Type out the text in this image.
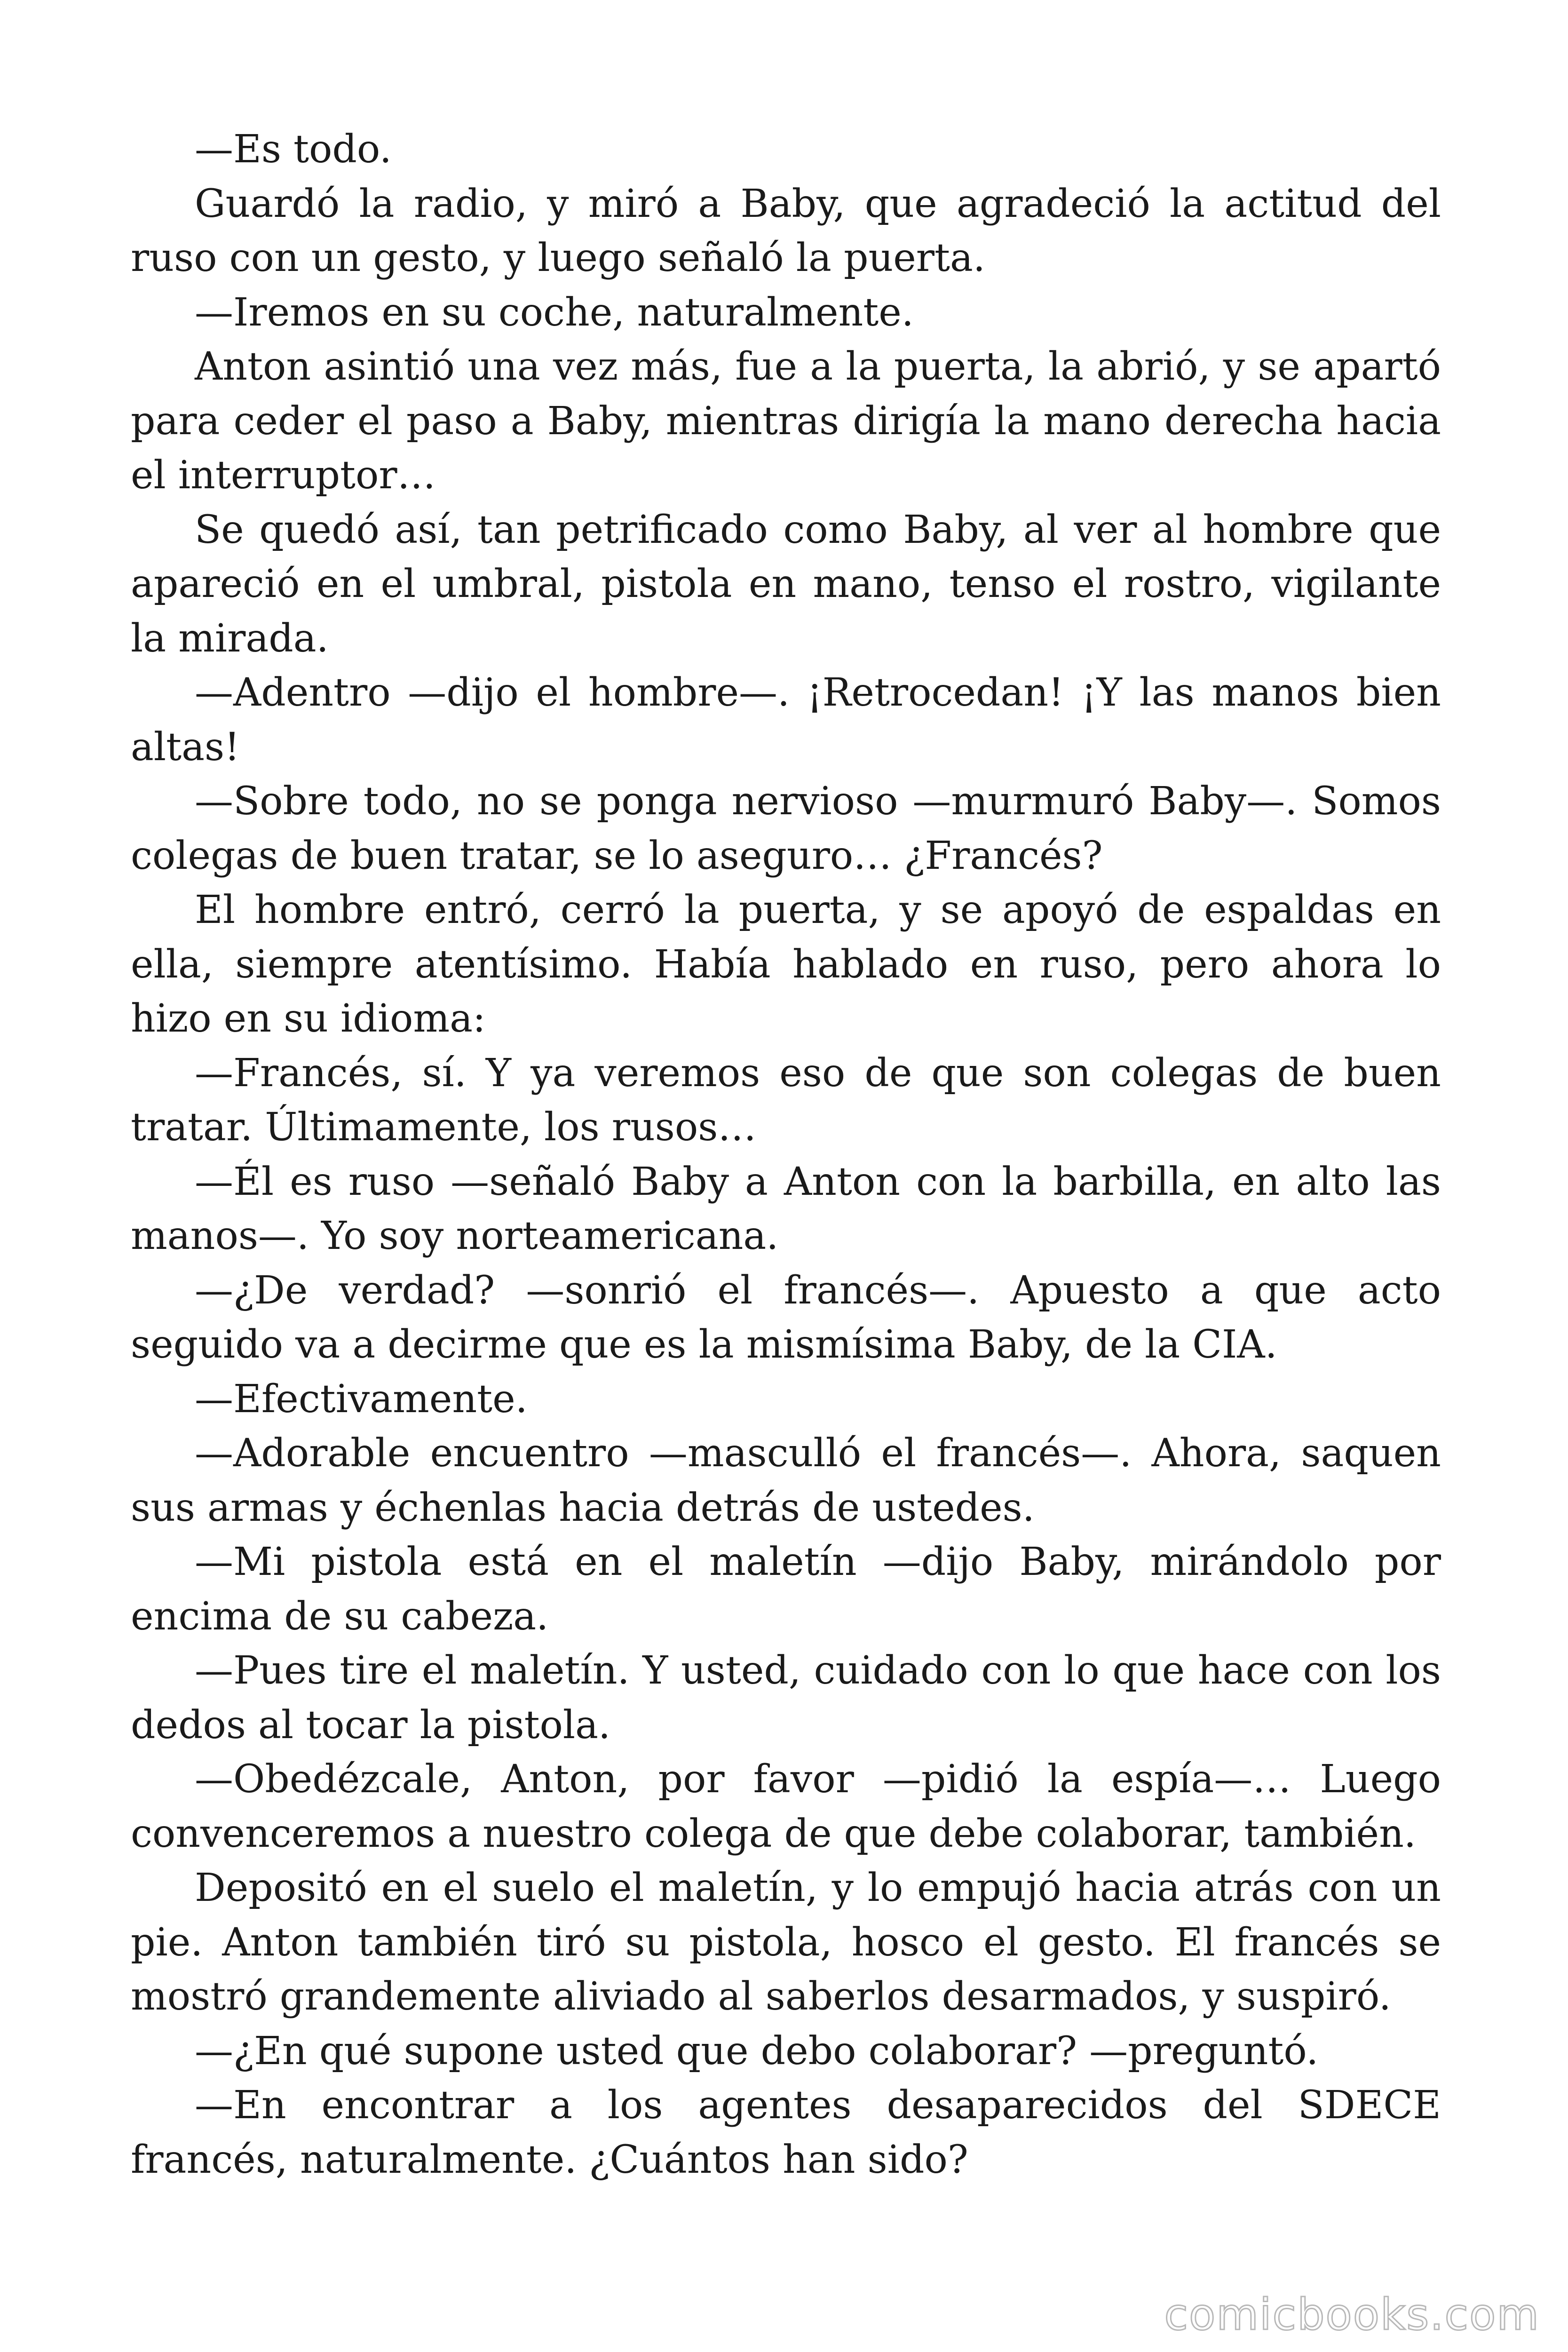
—Es todo.

Guardó la radio, y miró a Baby, que agradeció la actitud del ruso con un gesto, y luego señaló la puerta.

—Iremos en su coche, naturalmente.

Anton asintió una vez más, fue a la puerta, la abrió, y se apartó para ceder el paso a Baby, mientras dirigía la mano derecha hacia el interruptor…

Se quedó así, tan petrificado como Baby, al ver al hombre que apareció en el umbral, pistola en mano, tenso el rostro, vigilante la mirada.

—Adentro —dijo el hombre—. ¡Retrocedan! ¡Y las manos bien altas!

—Sobre todo, no se ponga nervioso —murmuró Baby—. Somos colegas de buen tratar, se lo aseguro… ¿Francés?

El hombre entró, cerró la puerta, y se apoyó de espaldas en ella, siempre atentísimo. Había hablado en ruso, pero ahora lo hizo en su idioma:

—Francés, sí. Y ya veremos eso de que son colegas de buen tratar. Últimamente, los rusos…

—Él es ruso —señaló Baby a Anton con la barbilla, en alto las manos—. Yo soy norteamericana.

—¿De verdad? —sonrió el francés—. Apuesto a que acto seguido va a decirme que es la mismísima Baby, de la CIA.

—Efectivamente.

—Adorable encuentro —masculló el francés—. Ahora, saquen sus armas y échenlas hacia detrás de ustedes.

—Mi pistola está en el maletín —dijo Baby, mirándolo por encima de su cabeza.

—Pues tire el maletín. Y usted, cuidado con lo que hace con los dedos al tocar la pistola.

—Obedézcale, Anton, por favor —pidió la espía—… Luego convenceremos a nuestro colega de que debe colaborar, también.

Depositó en el suelo el maletín, y lo empujó hacia atrás con un pie. Anton también tiró su pistola, hosco el gesto. El francés se mostró grandemente aliviado al saberlos desarmados, y suspiró.

—¿En qué supone usted que debo colaborar? —preguntó.

—En encontrar a los agentes desaparecidos del SDECE francés, naturalmente. ¿Cuántos han sido?

comicbooks.com
